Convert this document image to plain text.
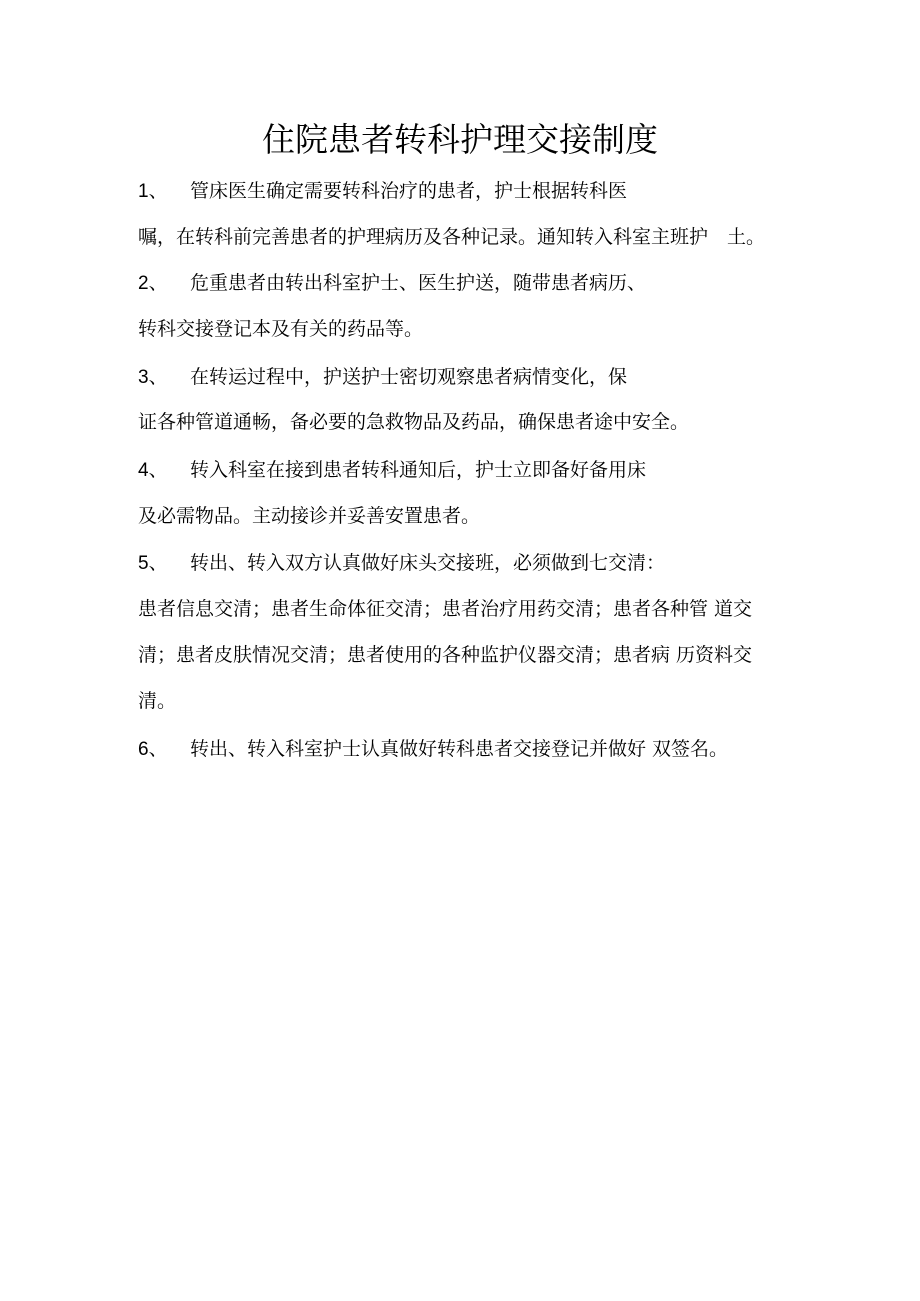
住院患者转科护理交接制度

1、 管床医生确定需要转科治疗的患者，护士根据转科医

嘱，在转科前完善患者的护理病历及各种记录。通知转入科室主班护　土。

2、 危重患者由转出科室护士、医生护送，随带患者病历、

转科交接登记本及有关的药品等。

3、 在转运过程中，护送护士密切观察患者病情变化，保

证各种管道通畅，备必要的急救物品及药品，确保患者途中安全。

4、 转入科室在接到患者转科通知后，护士立即备好备用床

及必需物品。主动接诊并妥善安置患者。

5、 转出、转入双方认真做好床头交接班，必须做到七交清：

患者信息交清；患者生命体征交清；患者治疗用药交清；患者各种管 道交

清；患者皮肤情况交清；患者使用的各种监护仪器交清；患者病 历资料交

清。

6、 转出、转入科室护士认真做好转科患者交接登记并做好 双签名。
